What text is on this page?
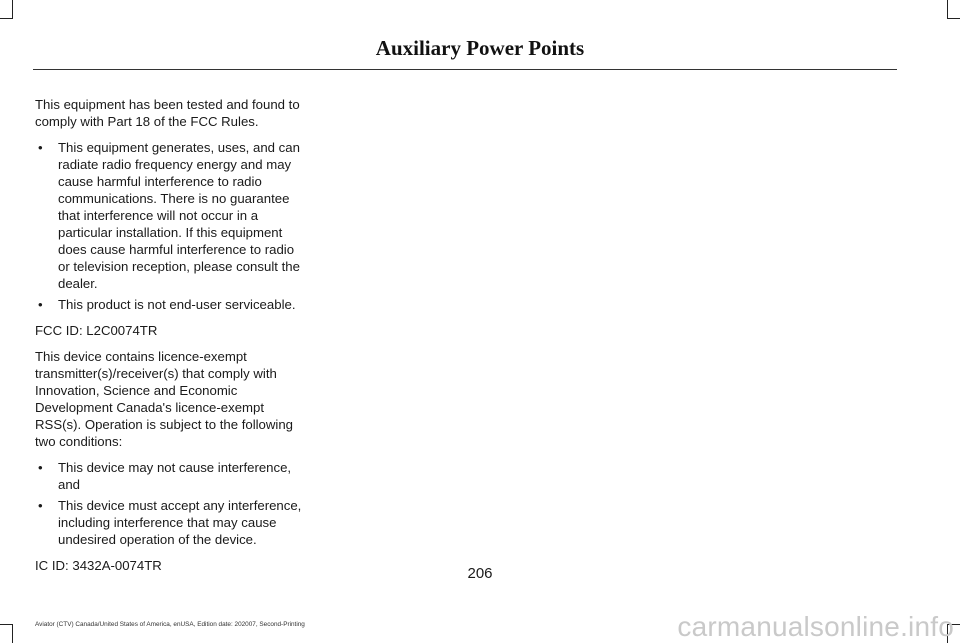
Auxiliary Power Points

This equipment has been tested and found to comply with Part 18 of the FCC Rules.

• This equipment generates, uses, and can radiate radio frequency energy and may cause harmful interference to radio communications. There is no guarantee that interference will not occur in a particular installation. If this equipment does cause harmful interference to radio or television reception, please consult the dealer.
• This product is not end-user serviceable.

FCC ID: L2C0074TR

This device contains licence-exempt transmitter(s)/receiver(s) that comply with Innovation, Science and Economic Development Canada's licence-exempt RSS(s). Operation is subject to the following two conditions:

• This device may not cause interference, and
• This device must accept any interference, including interference that may cause undesired operation of the device.

IC ID: 3432A-0074TR	206
Aviator (CTV) Canada/United States of America, enUSA, Edition date: 202007, Second-Printing	carmanualsonline.info
